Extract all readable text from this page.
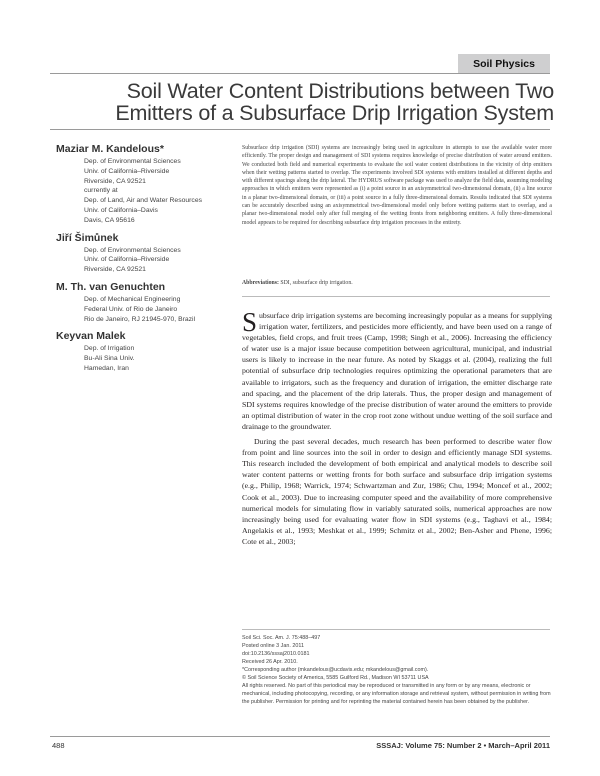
Soil Physics
Soil Water Content Distributions between Two Emitters of a Subsurface Drip Irrigation System
Maziar M. Kandelous*
Dep. of Environmental Sciences
Univ. of California–Riverside
Riverside, CA 92521
currently at
Dep. of Land, Air and Water Resources
Univ. of California–Davis
Davis, CA 95616
Jiří Šimůnek
Dep. of Environmental Sciences
Univ. of California–Riverside
Riverside, CA 92521
M. Th. van Genuchten
Dep. of Mechanical Engineering
Federal Univ. of Rio de Janeiro
Rio de Janeiro, RJ 21945-970, Brazil
Keyvan Malek
Dep. of Irrigation
Bu-Ali Sina Univ.
Hamedan, Iran

Subsurface drip irrigation (SDI) systems are increasingly being used in agriculture in attempts to use the available water more efficiently. The proper design and management of SDI systems requires knowledge of precise distribution of water around emitters. We conducted both field and numerical experiments to evaluate the soil water content distributions in the vicinity of drip emitters when their wetting patterns started to overlap. The experiments involved SDI systems with emitters installed at different depths and with different spacings along the drip lateral. The HYDRUS software package was used to analyze the field data, assuming modeling approaches in which emitters were represented as (i) a point source in an axisymmetrical two-dimensional domain, (ii) a line source in a planar two-dimensional domain, or (iii) a point source in a fully three-dimensional domain. Results indicated that SDI systems can be accurately described using an axisymmetrical two-dimensional model only before wetting patterns start to overlap, and a planar two-dimensional model only after full merging of the wetting fronts from neighboring emitters. A fully three-dimensional model appears to be required for describing subsurface drip irrigation processes in the entirety.

Abbreviations: SDI, subsurface drip irrigation.

Subsurface drip irrigation systems are becoming increasingly popular as a means for supplying irrigation water, fertilizers, and pesticides more efficiently, and have been used on a range of vegetables, field crops, and fruit trees (Camp, 1998; Singh et al., 2006). Increasing the efficiency of water use is a major issue because competition between agricultural, municipal, and industrial users is likely to increase in the near future. As noted by Skaggs et al. (2004), realizing the full potential of subsurface drip technologies requires optimizing the operational parameters that are available to irrigators, such as the frequency and duration of irrigation, the emitter discharge rate and spacing, and the placement of the drip laterals. Thus, the proper design and management of SDI systems requires knowledge of the precise distribution of water around the emitters to provide an optimal distribution of water in the crop root zone without undue wetting of the soil surface and drainage to the groundwater.

During the past several decades, much research has been performed to describe water flow from point and line sources into the soil in order to design and efficiently manage SDI systems. This research included the development of both empirical and analytical models to describe soil water content patterns or wetting fronts for both surface and subsurface drip irrigation systems (e.g., Philip, 1968; Warrick, 1974; Schwartzman and Zur, 1986; Chu, 1994; Moncef et al., 2002; Cook et al., 2003). Due to increasing computer speed and the availability of more comprehensive numerical models for simulating flow in variably saturated soils, numerical approaches are now increasingly being used for evaluating water flow in SDI systems (e.g., Taghavi et al., 1984; Angelakis et al., 1993; Meshkat et al., 1999; Schmitz et al., 2002; Ben-Asher and Phene, 1996; Cote et al., 2003;

Soil Sci. Soc. Am. J. 75:488–497
Posted online 3 Jan. 2011
doi:10.2136/sssaj2010.0181
Received 26 Apr. 2010.
*Corresponding author (mkandelous@ucdavis.edu; mkandelous@gmail.com).
© Soil Science Society of America, 5585 Guilford Rd., Madison WI 53711 USA
All rights reserved. No part of this periodical may be reproduced or transmitted in any form or by any means, electronic or mechanical, including photocopying, recording, or any information storage and retrieval system, without permission in writing from the publisher. Permission for printing and for reprinting the material contained herein has been obtained by the publisher.
488	SSSAJ: Volume 75: Number 2 • March–April 2011
